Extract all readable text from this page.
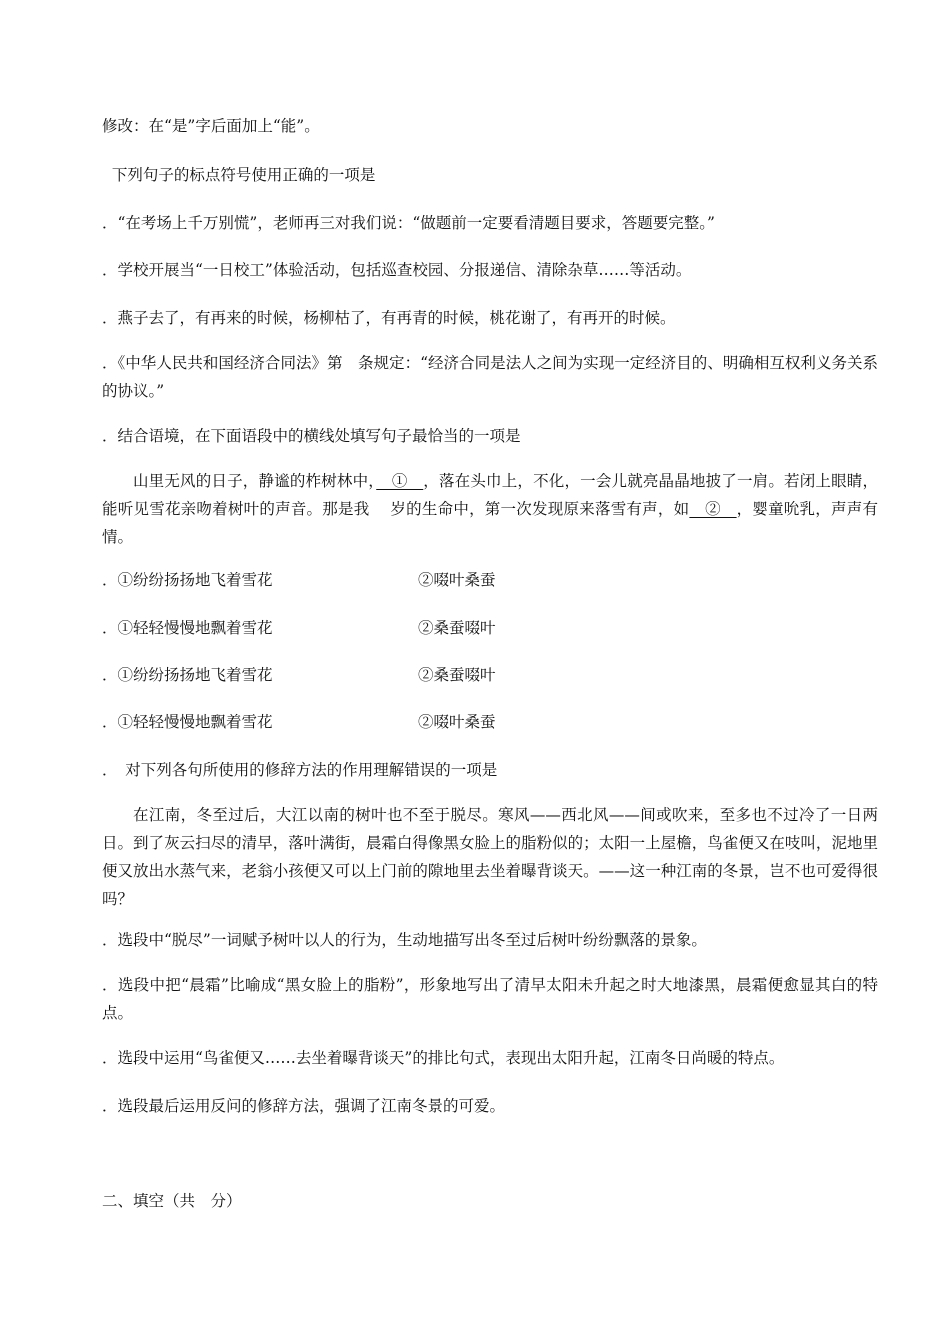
修改：在“是”字后面加上“能”。
下列句子的标点符号使用正确的一项是
．“在考场上千万别慌”，老师再三对我们说：“做题前一定要看清题目要求，答题要完整。”
．学校开展当“一日校工”体验活动，包括巡查校园、分报递信、清除杂草……等活动。
．燕子去了，有再来的时候，杨柳枯了，有再青的时候，桃花谢了，有再开的时候。
．《中华人民共和国经济合同法》第　条规定：“经济合同是法人之间为实现一定经济目的、明确相互权利义务关系的协议。”
．结合语境，在下面语段中的横线处填写句子最恰当的一项是
山里无风的日子，静谧的柞树林中，　①　，落在头巾上，不化，一会儿就亮晶晶地披了一肩。若闭上眼睛，能听见雪花亲吻着树叶的声音。那是我　 岁的生命中，第一次发现原来落雪有声，如　②　，婴童吮乳，声声有情。
．①纷纷扬扬地飞着雪花	②啜叶桑蚕
．①轻轻慢慢地飘着雪花	②桑蚕啜叶
．①纷纷扬扬地飞着雪花	②桑蚕啜叶
．①轻轻慢慢地飘着雪花	②啜叶桑蚕
．　对下列各句所使用的修辞方法的作用理解错误的一项是
在江南，冬至过后，大江以南的树叶也不至于脱尽。寒风——西北风——间或吹来，至多也不过冷了一日两日。到了灰云扫尽的清早，落叶满街，晨霜白得像黑女脸上的脂粉似的；太阳一上屋檐，鸟雀便又在吱叫，泥地里便又放出水蒸气来，老翁小孩便又可以上门前的隙地里去坐着曝背谈天。——这一种江南的冬景，岂不也可爱得很吗？
．选段中“脱尽”一词赋予树叶以人的行为，生动地描写出冬至过后树叶纷纷飘落的景象。
．选段中把“晨霜”比喻成“黑女脸上的脂粉”，形象地写出了清早太阳未升起之时大地漆黑，晨霜便愈显其白的特点。
．选段中运用“鸟雀便又……去坐着曝背谈天”的排比句式，表现出太阳升起，江南冬日尚暖的特点。
．选段最后运用反问的修辞方法，强调了江南冬景的可爱。
二、填空（共　分）
